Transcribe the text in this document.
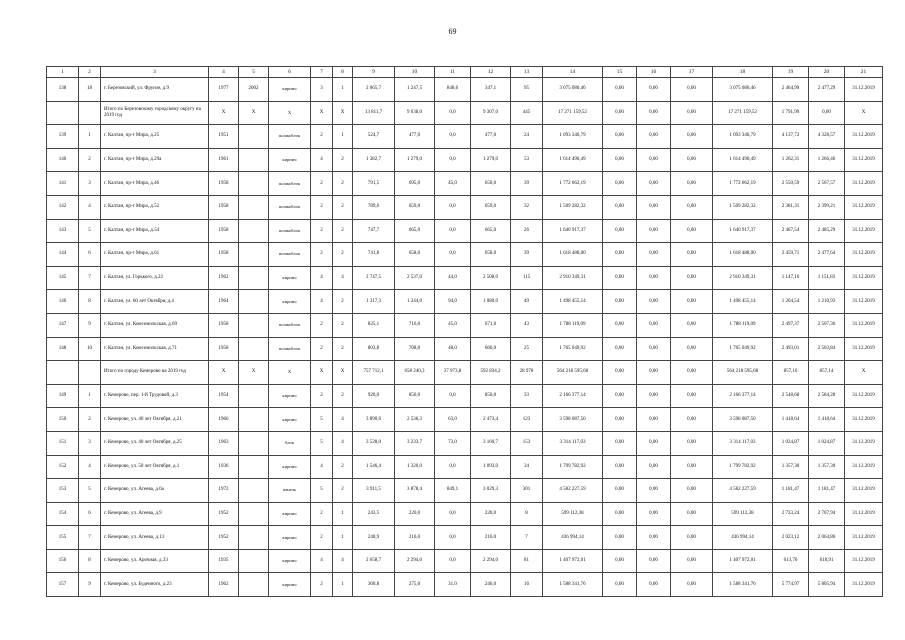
69
1	2	3	4	5	6	7	8	9	10	11	12	13	14	15	16	17	18	19	20	21
138	18	г. Березовский, ул. Фрунзе, д.9	1977	2002	кирпич	3	1	2 065,7	1 247,5	848,6	347,1	95	3 075 080,46	0,00	0,00	0,00	3 075 080,46	2 464,99	2 477,29	31.12.2019
		Итого по Березовскому городскому округу на 2019 год	Х	Х	Х	Х	Х	13 811,7	9 638,0	0,0	9 307,0	445	17 271 159,52	0,00	0,00	0,00	17 271 159,52	1 791,99	0,00	Х
139	1	г. Калтан, пр-т Мира, д.25	1951		шлакоблок	2	1	524,7	477,0	0,0	477,0	24	1 093 346,79	0,00	0,00	0,00	1 093 346,79	4 137,72	4 328,57	31.12.2019
140	2	г. Калтан, пр-т Мира, д.29а	1961		кирпич	4	2	1 382,7	1 279,0	0,0	1 279,0	53	1 614 490,49	0,00	0,00	0,00	1 614 490,49	1 262,31	1 266,46	31.12.2019
141	3	г. Калтан, пр-т Мира, д.46	1958		шлакоблок	2	2	791,5	695,0	45,0	650,0	39	1 772 662,19	0,00	0,00	0,00	1 772 662,19	2 550,59	2 567,57	31.12.2019
142	4	г. Калтан, пр-т Мира, д.52	1958		шлакоблок	2	2	789,6	659,0	0,0	659,0	32	1 509 282,32	0,00	0,00	0,00	1 509 282,32	2 381,31	2 399,21	31.12.2019
143	5	г. Калтан, пр-т Мира, д.54	1958		шлакоблок	2	2	747,7	665,0	0,0	665,0	26	1 640 917,37	0,00	0,00	0,00	1 640 917,37	2 467,54	2 485,29	31.12.2019
144	6	г. Калтан, пр-т Мира, д.61	1958		шлакоблок	2	2	741,8	658,0	0,0	658,0	39	1 618 488,00	0,00	0,00	0,00	1 618 488,00	2 459,71	2 477,64	31.12.2019
145	7	г. Калтан, ул. Горького, д.22	1962		кирпич	4	4	2 747,5	2 537,0	44,0	2 508,0	115	2 910 349,31	0,00	0,00	0,00	2 910 349,31	1 147,16	1 151,83	31.12.2019
146	8	г. Калтан, ул. 60 лет Октября, д.4	1964		кирпич	4	2	1 317,3	1 244,0	94,0	1 080,0	49	1 498 455,14	0,00	0,00	0,00	1 498 455,14	1 204,54	1 210,93	31.12.2019
147	9	г. Калтан, ул. Комсомольская, д.69	1958		шлакоблок	2	2	825,1	716,0	45,0	671,0	43	1 788 119,09	0,00	0,00	0,00	1 788 119,09	2 497,37	2 507,36	31.12.2019
148	10	г. Калтан, ул. Комсомольская, д.71	1958		шлакоблок	2	2	803,8	708,0	48,0	660,0	25	1 765 049,92	0,00	0,00	0,00	1 765 049,92	2 493,01	2 503,84	31.12.2019
		Итого по городу Кемерово на 2019 год	Х	Х	Х	Х	Х	757 712,1	658 240,3	37 973,8	592 834,2	28 978	564 218 595,68	0,00	0,00	0,00	564 218 595,68	857,16	857,14	Х
149	1	г. Кемерово, пер. 1-й Трудовой, д.3	1954		кирпич	2	2	920,0	850,0	0,0	850,0	33	2 166 377,14	0,00	0,00	0,00	2 166 377,14	2 548,68	2 584,28	31.12.2019
150	2	г. Кемерово, ул. 40 лет Октября, д.21	1966		кирпич	5	4	3 890,6	2 536,3	63,0	2 473,4	123	3 598 087,50	0,00	0,00	0,00	3 598 087,50	1 418,64	1 418,64	31.12.2019
151	3	г. Кемерово, ул. 40 лет Октября, д.25	1963		блок	5	4	3 528,0	3 233,7	73,0	3 160,7	153	3 314 117,03	0,00	0,00	0,00	3 314 117,03	1 024,87	1 024,87	31.12.2019
152	4	г. Кемерово, ул. 50 лет Октября, д.1	1936		кирпич	4	2	1 546,4	1 320,0	0,0	1 093,0	34	1 799 782,92	0,00	0,00	0,00	1 799 782,92	1 357,30	1 357,30	31.12.2019
153	5	г. Кемерово, ул. Агеева, д.6а	1972		панель	5	2	3 911,5	3 878,4	849,1	3 029,3	301	4 582 227,59	0,00	0,00	0,00	4 582 227,59	1 181,47	1 181,47	31.12.2019
154	6	г. Кемерово, ул. Агеева, д.9	1952		кирпич	2	1	243,5	220,0	0,0	220,0	8	599 112,38	0,00	0,00	0,00	599 112,38	2 723,24	2 767,94	31.12.2019
155	7	г. Кемерово, ул. Агеева, д.13	1952		кирпич	2	1	240,9	216,0	0,0	216,0	7	436 994,14	0,00	0,00	0,00	436 994,14	2 023,12	2 064,86	31.12.2019
156	8	г. Кемерово, ул. Арочная, д.33	1935		кирпич	4	4	2 658,7	2 294,0	0,0	2 294,0	81	1 407 972,01	0,00	0,00	0,00	1 407 972,01	613,76	618,91	31.12.2019
157	9	г. Кемерово, ул. Буденного, д.23	1962		кирпич	2	1	300,8	275,0	31,0	246,0	16	1 588 341,76	0,00	0,00	0,00	1 588 341,76	5 774,97	5 805,94	31.12.2019
